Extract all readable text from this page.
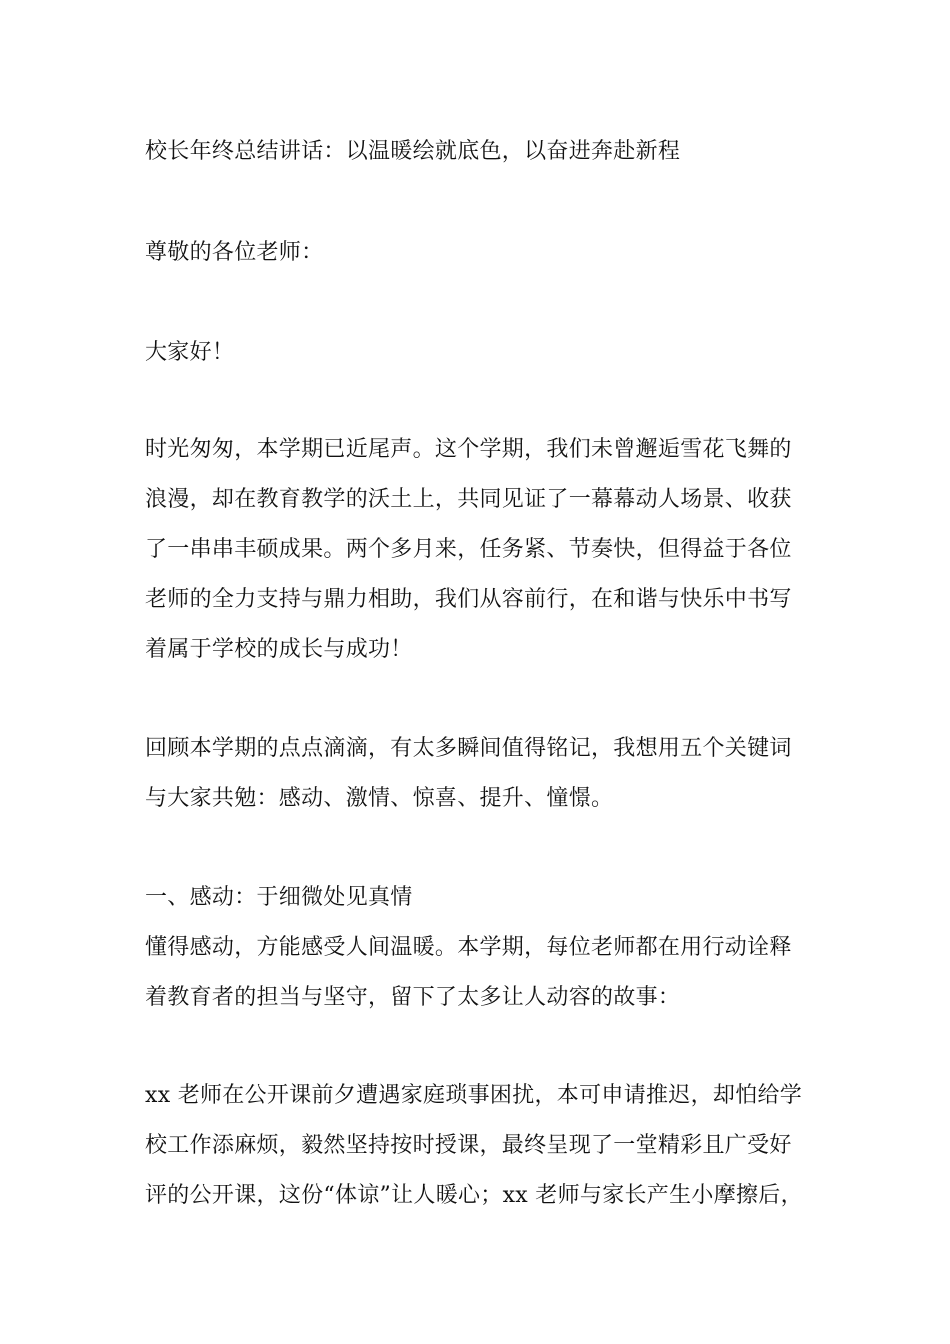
校长年终总结讲话：以温暖绘就底色，以奋进奔赴新程
尊敬的各位老师：
大家好！
时光匆匆，本学期已近尾声。这个学期，我们未曾邂逅雪花飞舞的
浪漫，却在教育教学的沃土上，共同见证了一幕幕动人场景、收获
了一串串丰硕成果。两个多月来，任务紧、节奏快，但得益于各位
老师的全力支持与鼎力相助，我们从容前行，在和谐与快乐中书写
着属于学校的成长与成功！
回顾本学期的点点滴滴，有太多瞬间值得铭记，我想用五个关键词
与大家共勉：感动、激情、惊喜、提升、憧憬。
一、感动：于细微处见真情
懂得感动，方能感受人间温暖。本学期，每位老师都在用行动诠释
着教育者的担当与坚守，留下了太多让人动容的故事：
xx 老师在公开课前夕遭遇家庭琐事困扰，本可申请推迟，却怕给学
校工作添麻烦，毅然坚持按时授课，最终呈现了一堂精彩且广受好
评的公开课，这份“体谅”让人暖心；xx 老师与家长产生小摩擦后，
